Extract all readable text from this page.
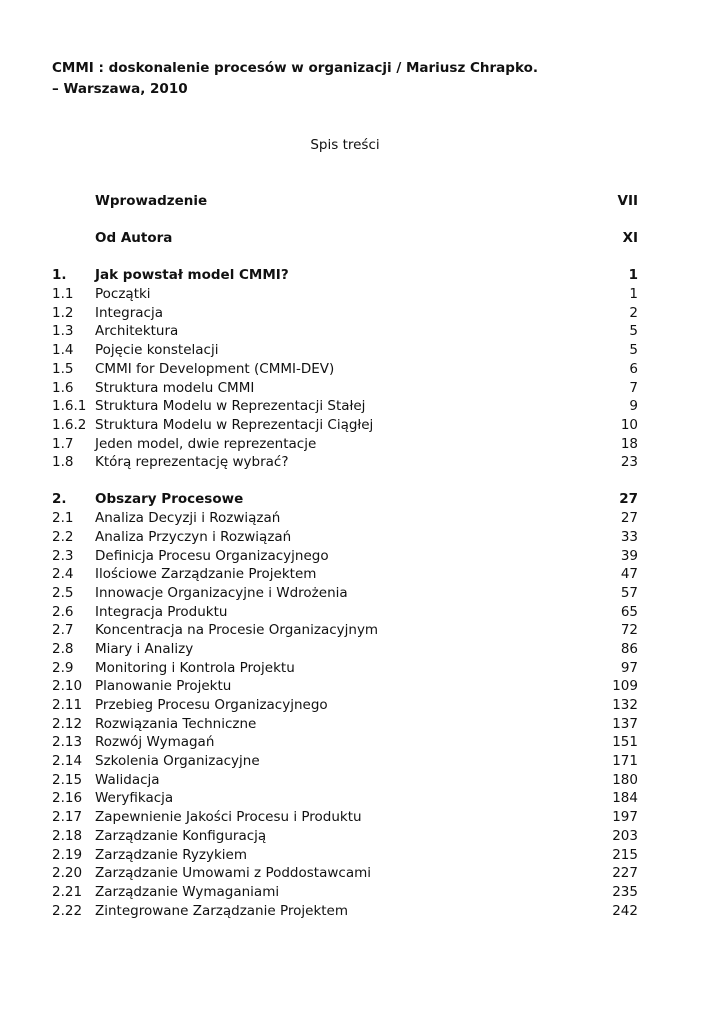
CMMI : doskonalenie procesów w organizacji / Mariusz Chrapko.
– Warszawa, 2010
Spis treści
Wprowadzenie	VII
Od Autora	XI
1.	Jak powstał model CMMI?	1
1.1	Początki	1
1.2	Integracja	2
1.3	Architektura	5
1.4	Pojęcie konstelacji	5
1.5	CMMI for Development (CMMI-DEV)	6
1.6	Struktura modelu CMMI	7
1.6.1 Struktura Modelu w Reprezentacji Stałej	9
1.6.2 Struktura Modelu w Reprezentacji Ciągłej	10
1.7	Jeden model, dwie reprezentacje	18
1.8	Którą reprezentację wybrać?	23
2.	Obszary Procesowe	27
2.1	Analiza Decyzji i Rozwiązań	27
2.2	Analiza Przyczyn i Rozwiązań	33
2.3	Definicja Procesu Organizacyjnego	39
2.4	Ilościowe Zarządzanie Projektem	47
2.5	Innowacje Organizacyjne i Wdrożenia	57
2.6	Integracja Produktu	65
2.7	Koncentracja na Procesie Organizacyjnym	72
2.8	Miary i Analizy	86
2.9	Monitoring i Kontrola Projektu	97
2.10 Planowanie Projektu	109
2.11 Przebieg Procesu Organizacyjnego	132
2.12 Rozwiązania Techniczne	137
2.13 Rozwój Wymagań	151
2.14 Szkolenia Organizacyjne	171
2.15 Walidacja	180
2.16 Weryfikacja	184
2.17 Zapewnienie Jakości Procesu i Produktu	197
2.18 Zarządzanie Konfiguracją	203
2.19 Zarządzanie Ryzykiem	215
2.20 Zarządzanie Umowami z Poddostawcami	227
2.21 Zarządzanie Wymaganiami	235
2.22 Zintegrowane Zarządzanie Projektem	242
